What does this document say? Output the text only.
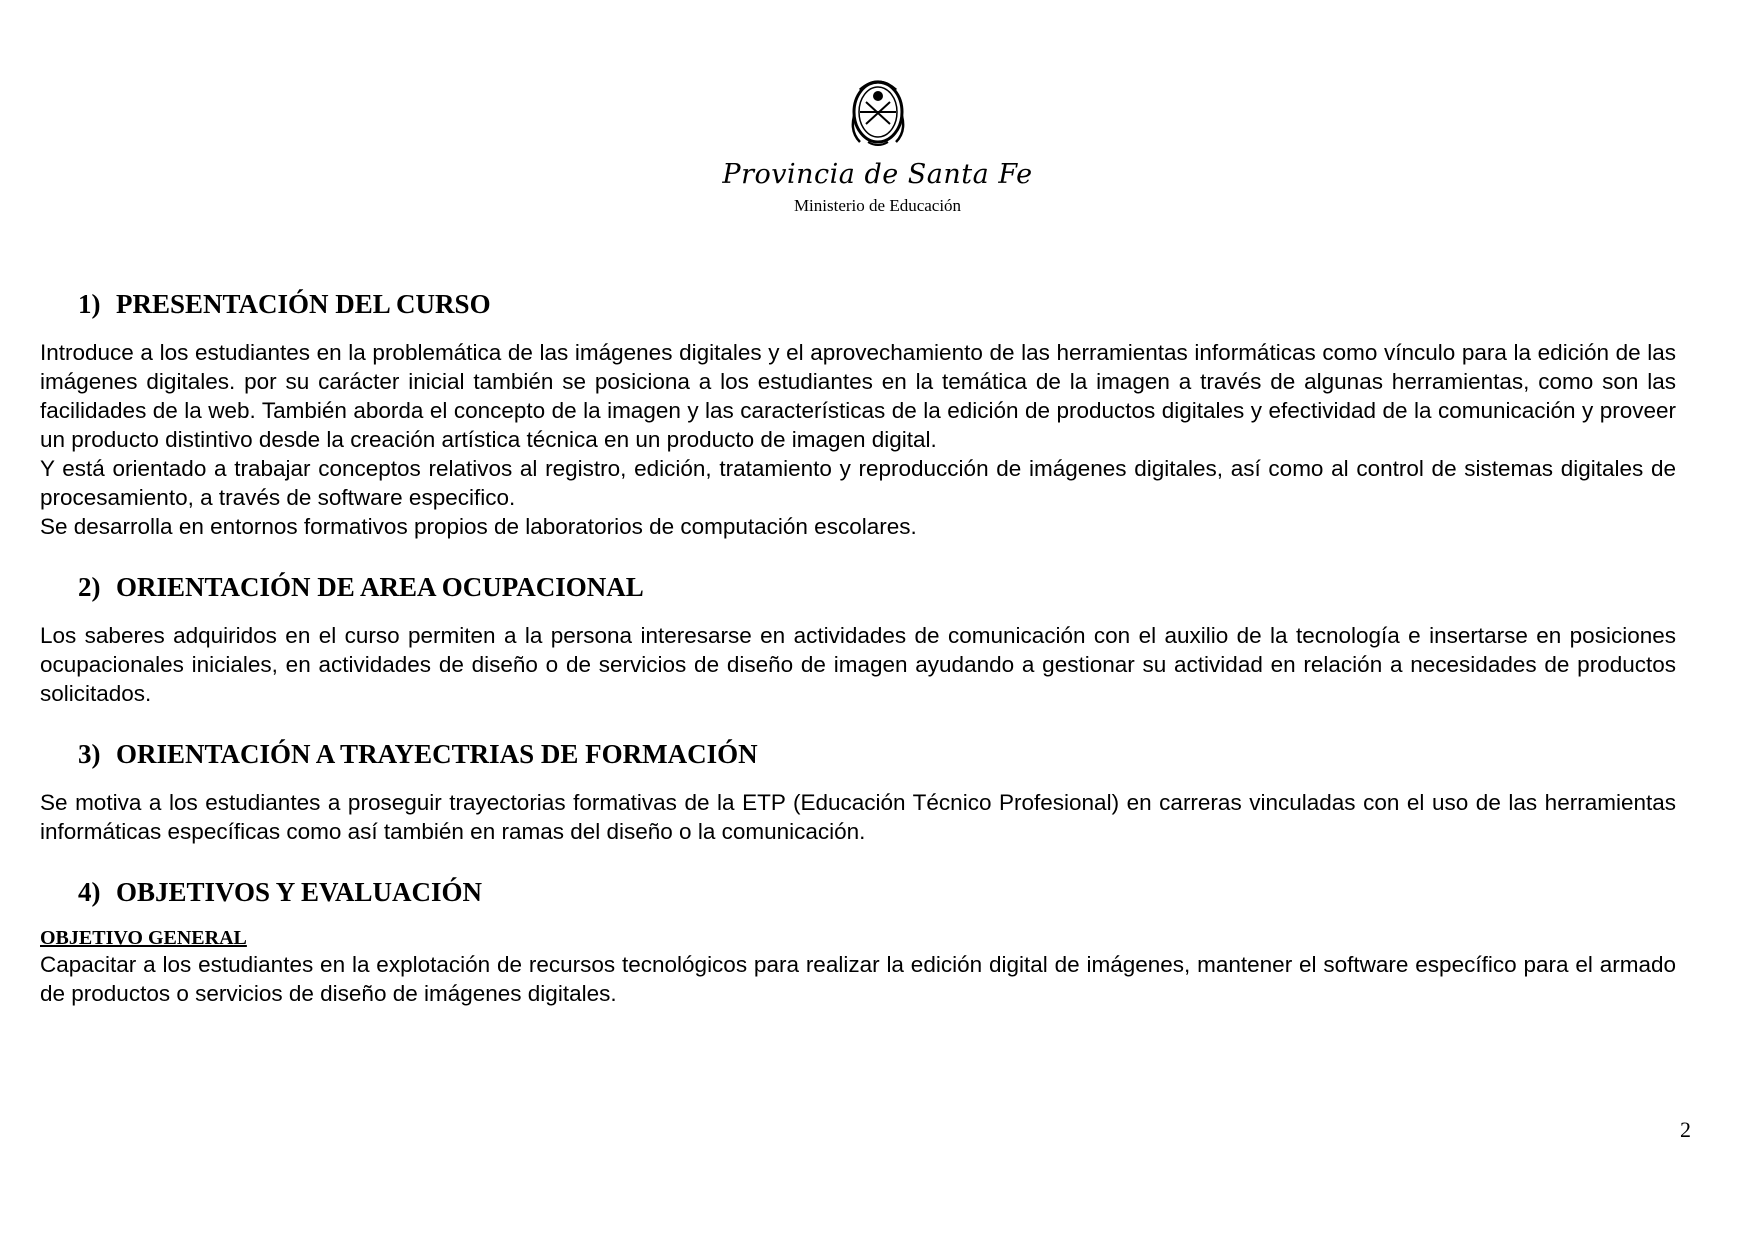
Provincia de Santa Fe
Ministerio de Educación
1) PRESENTACIÓN DEL CURSO

Introduce a los estudiantes en la problemática de las imágenes digitales y el aprovechamiento de las herramientas informáticas como vínculo para la edición de las imágenes digitales. por su carácter inicial también se posiciona a los estudiantes en la temática de la imagen a través de algunas herramientas, como son las facilidades de la web. También aborda el concepto de la imagen y las características de la edición de productos digitales y efectividad de la comunicación y proveer un producto distintivo desde la creación artística técnica en un producto de imagen digital.

Y está orientado a trabajar conceptos relativos al registro, edición, tratamiento y reproducción de imágenes digitales, así como al control de sistemas digitales de procesamiento, a través de software especifico.

Se desarrolla en entornos formativos propios de laboratorios de computación escolares.

2) ORIENTACIÓN DE AREA OCUPACIONAL

Los saberes adquiridos en el curso permiten a la persona interesarse en actividades de comunicación con el auxilio de la tecnología e insertarse en posiciones ocupacionales iniciales, en actividades de diseño o de servicios de diseño de imagen ayudando a gestionar su actividad en relación a necesidades de productos solicitados.

3) ORIENTACIÓN A TRAYECTRIAS DE FORMACIÓN

Se motiva a los estudiantes a proseguir trayectorias formativas de la ETP (Educación Técnico Profesional) en carreras vinculadas con el uso de las herramientas informáticas específicas como así también en ramas del diseño o la comunicación.

4) OBJETIVOS Y EVALUACIÓN

OBJETIVO GENERAL

Capacitar a los estudiantes en la explotación de recursos tecnológicos para realizar la edición digital de imágenes, mantener el software específico para el armado de productos o servicios de diseño de imágenes digitales.

2
